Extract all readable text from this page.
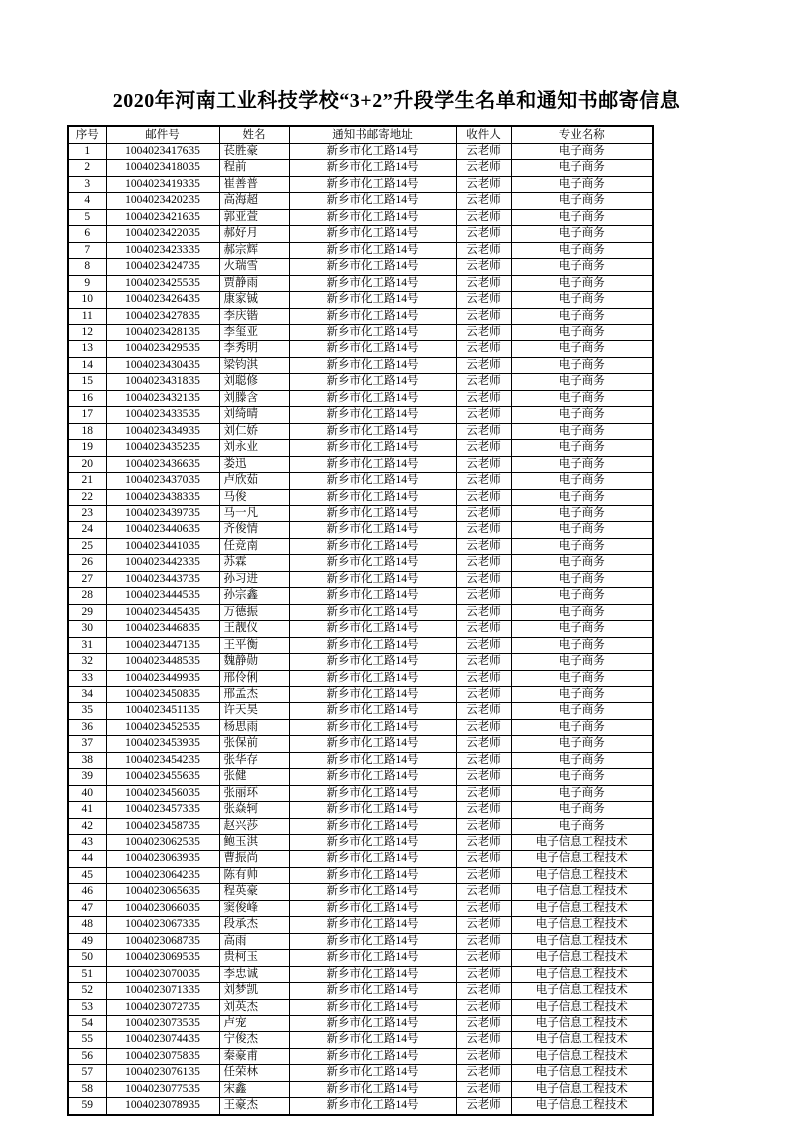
2020年河南工业科技学校“3+2”升段学生名单和通知书邮寄信息
序号	邮件号	姓名	通知书邮寄地址	收件人	专业名称
1	1004023417635	苌胜豪	新乡市化工路14号	云老师	电子商务
2	1004023418035	程前	新乡市化工路14号	云老师	电子商务
3	1004023419335	崔善普	新乡市化工路14号	云老师	电子商务
4	1004023420235	高海超	新乡市化工路14号	云老师	电子商务
5	1004023421635	郭亚萱	新乡市化工路14号	云老师	电子商务
6	1004023422035	郝好月	新乡市化工路14号	云老师	电子商务
7	1004023423335	郝宗辉	新乡市化工路14号	云老师	电子商务
8	1004023424735	火瑞雪	新乡市化工路14号	云老师	电子商务
9	1004023425535	贾静雨	新乡市化工路14号	云老师	电子商务
10	1004023426435	康家铖	新乡市化工路14号	云老师	电子商务
11	1004023427835	李庆锴	新乡市化工路14号	云老师	电子商务
12	1004023428135	李玺亚	新乡市化工路14号	云老师	电子商务
13	1004023429535	李秀明	新乡市化工路14号	云老师	电子商务
14	1004023430435	梁钧淇	新乡市化工路14号	云老师	电子商务
15	1004023431835	刘聪修	新乡市化工路14号	云老师	电子商务
16	1004023432135	刘滕含	新乡市化工路14号	云老师	电子商务
17	1004023433535	刘绮晴	新乡市化工路14号	云老师	电子商务
18	1004023434935	刘仁娇	新乡市化工路14号	云老师	电子商务
19	1004023435235	刘永业	新乡市化工路14号	云老师	电子商务
20	1004023436635	娄迅	新乡市化工路14号	云老师	电子商务
21	1004023437035	卢欣茹	新乡市化工路14号	云老师	电子商务
22	1004023438335	马俊	新乡市化工路14号	云老师	电子商务
23	1004023439735	马一凡	新乡市化工路14号	云老师	电子商务
24	1004023440635	齐俊情	新乡市化工路14号	云老师	电子商务
25	1004023441035	任竞南	新乡市化工路14号	云老师	电子商务
26	1004023442335	苏霖	新乡市化工路14号	云老师	电子商务
27	1004023443735	孙习进	新乡市化工路14号	云老师	电子商务
28	1004023444535	孙宗鑫	新乡市化工路14号	云老师	电子商务
29	1004023445435	万德振	新乡市化工路14号	云老师	电子商务
30	1004023446835	王靓仪	新乡市化工路14号	云老师	电子商务
31	1004023447135	王平衡	新乡市化工路14号	云老师	电子商务
32	1004023448535	魏静勋	新乡市化工路14号	云老师	电子商务
33	1004023449935	邢伶俐	新乡市化工路14号	云老师	电子商务
34	1004023450835	邢孟杰	新乡市化工路14号	云老师	电子商务
35	1004023451135	许天昊	新乡市化工路14号	云老师	电子商务
36	1004023452535	杨思雨	新乡市化工路14号	云老师	电子商务
37	1004023453935	张保前	新乡市化工路14号	云老师	电子商务
38	1004023454235	张华存	新乡市化工路14号	云老师	电子商务
39	1004023455635	张健	新乡市化工路14号	云老师	电子商务
40	1004023456035	张丽环	新乡市化工路14号	云老师	电子商务
41	1004023457335	张焱轲	新乡市化工路14号	云老师	电子商务
42	1004023458735	赵兴莎	新乡市化工路14号	云老师	电子商务
43	1004023062535	鲍玉淇	新乡市化工路14号	云老师	电子信息工程技术
44	1004023063935	曹振尚	新乡市化工路14号	云老师	电子信息工程技术
45	1004023064235	陈有帅	新乡市化工路14号	云老师	电子信息工程技术
46	1004023065635	程英豪	新乡市化工路14号	云老师	电子信息工程技术
47	1004023066035	窦俊峰	新乡市化工路14号	云老师	电子信息工程技术
48	1004023067335	段承杰	新乡市化工路14号	云老师	电子信息工程技术
49	1004023068735	高雨	新乡市化工路14号	云老师	电子信息工程技术
50	1004023069535	贵柯玉	新乡市化工路14号	云老师	电子信息工程技术
51	1004023070035	李忠诚	新乡市化工路14号	云老师	电子信息工程技术
52	1004023071335	刘梦凯	新乡市化工路14号	云老师	电子信息工程技术
53	1004023072735	刘英杰	新乡市化工路14号	云老师	电子信息工程技术
54	1004023073535	卢宠	新乡市化工路14号	云老师	电子信息工程技术
55	1004023074435	宁俊杰	新乡市化工路14号	云老师	电子信息工程技术
56	1004023075835	秦豪甫	新乡市化工路14号	云老师	电子信息工程技术
57	1004023076135	任荣林	新乡市化工路14号	云老师	电子信息工程技术
58	1004023077535	宋鑫	新乡市化工路14号	云老师	电子信息工程技术
59	1004023078935	王豪杰	新乡市化工路14号	云老师	电子信息工程技术
